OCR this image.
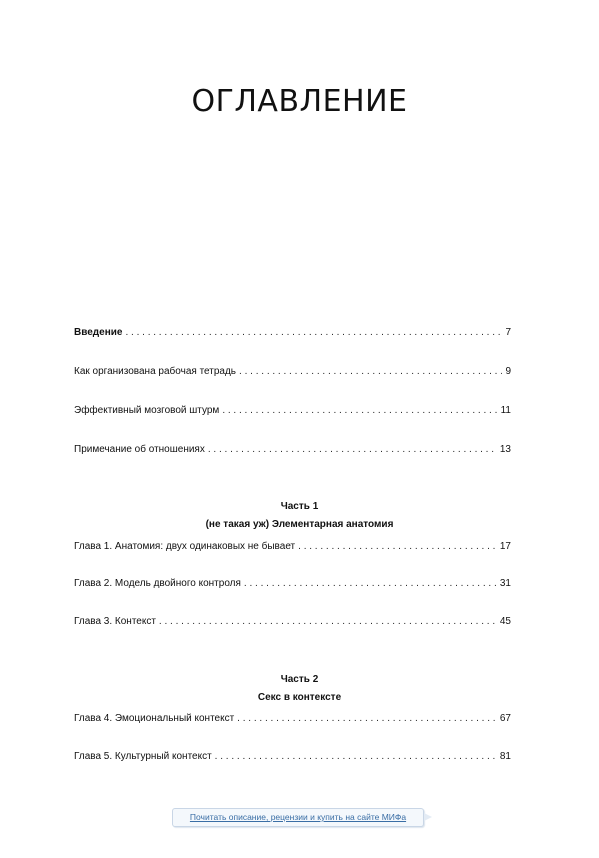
ОГЛАВЛЕНИЕ
Введение . . .	7
Как организована рабочая тетрадь . . .	9
Эффективный мозговой штурм . . .	11
Примечание об отношениях . . .	13
Часть 1
(не такая уж) Элементарная анатомия
Глава 1. Анатомия: двух одинаковых не бывает . . .	17
Глава 2. Модель двойного контроля . . .	31
Глава 3. Контекст . . .	45
Часть 2
Секс в контексте
Глава 4. Эмоциональный контекст . . .	67
Глава 5. Культурный контекст . . .	81
Почитать описание, рецензии и купить на сайте МИФа
